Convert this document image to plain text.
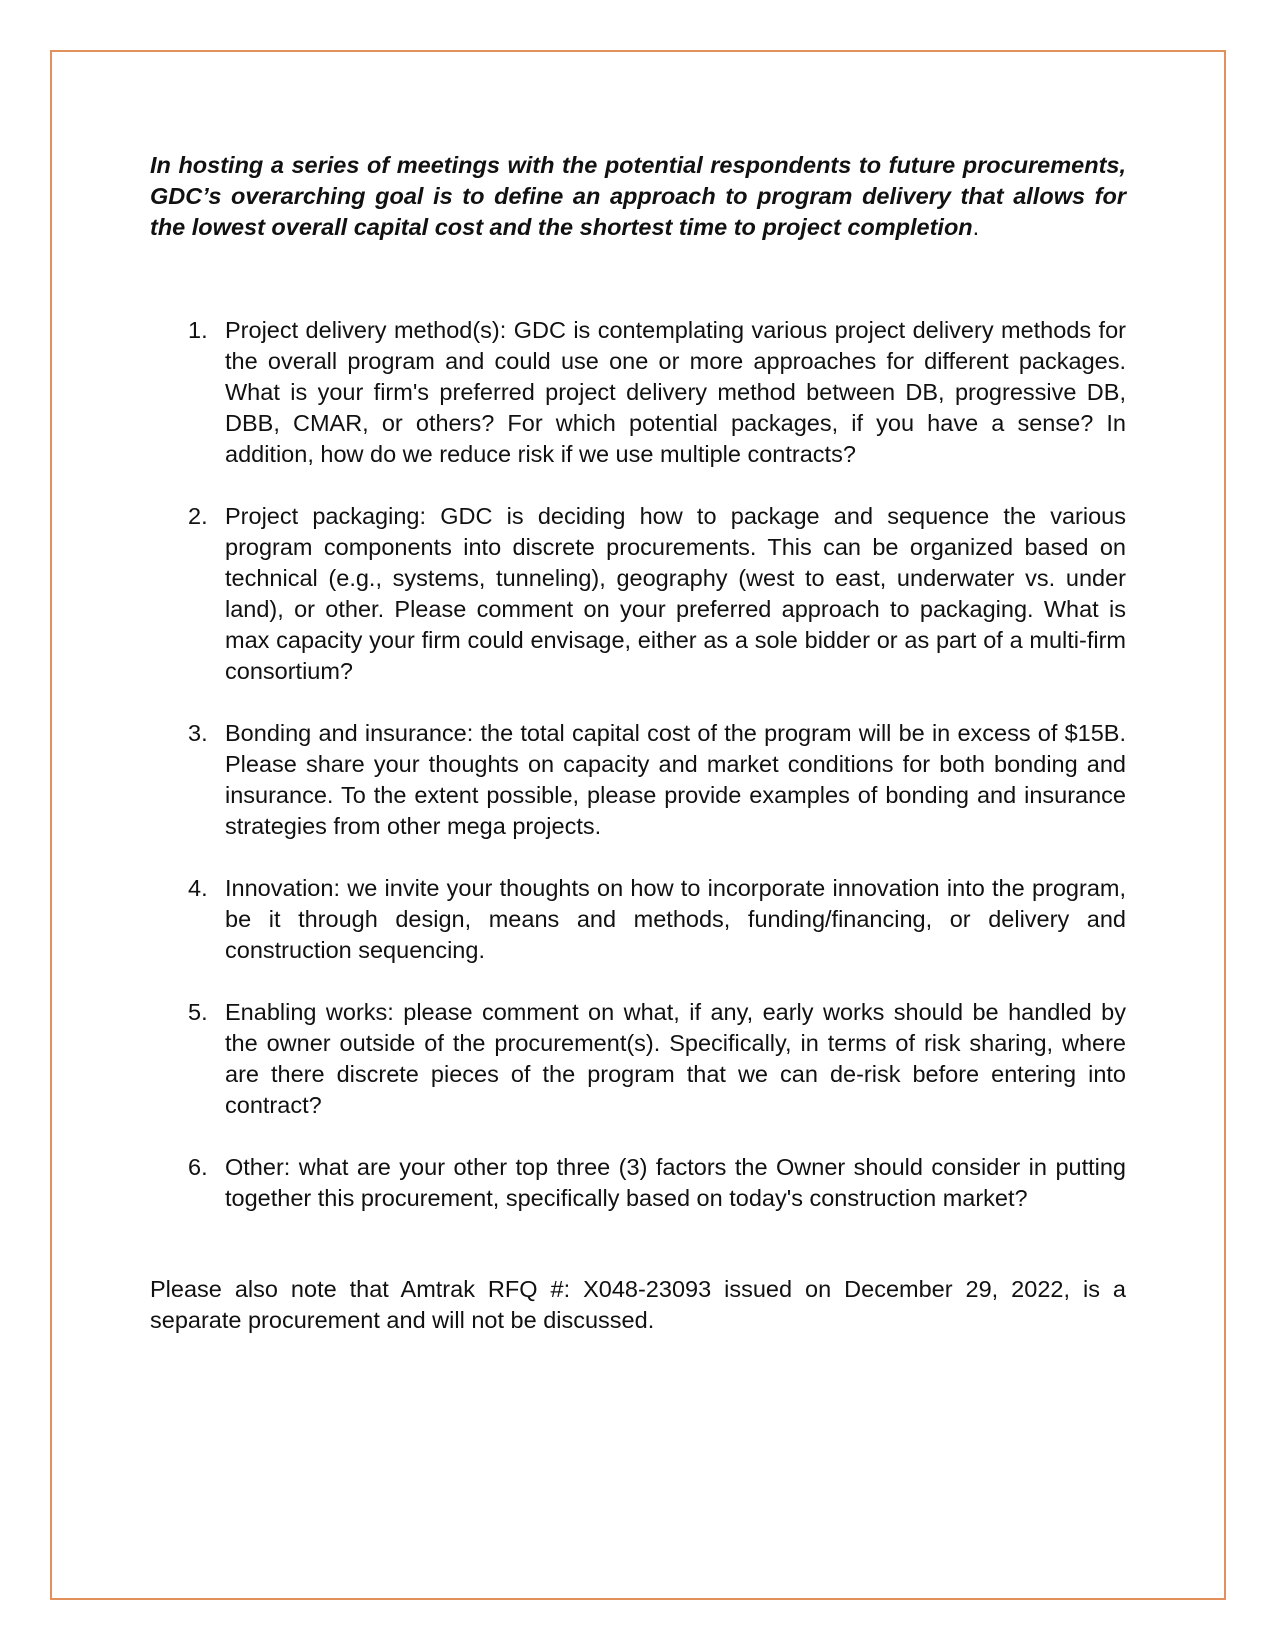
In hosting a series of meetings with the potential respondents to future procurements, GDC’s overarching goal is to define an approach to program delivery that allows for the lowest overall capital cost and the shortest time to project completion.

1. Project delivery method(s): GDC is contemplating various project delivery methods for the overall program and could use one or more approaches for different packages. What is your firm's preferred project delivery method between DB, progressive DB, DBB, CMAR, or others? For which potential packages, if you have a sense? In addition, how do we reduce risk if we use multiple contracts?
2. Project packaging: GDC is deciding how to package and sequence the various program components into discrete procurements. This can be organized based on technical (e.g., systems, tunneling), geography (west to east, underwater vs. under land), or other. Please comment on your preferred approach to packaging. What is max capacity your firm could envisage, either as a sole bidder or as part of a multi-firm consortium?
3. Bonding and insurance: the total capital cost of the program will be in excess of $15B. Please share your thoughts on capacity and market conditions for both bonding and insurance. To the extent possible, please provide examples of bonding and insurance strategies from other mega projects.
4. Innovation: we invite your thoughts on how to incorporate innovation into the program, be it through design, means and methods, funding/financing, or delivery and construction sequencing.
5. Enabling works: please comment on what, if any, early works should be handled by the owner outside of the procurement(s). Specifically, in terms of risk sharing, where are there discrete pieces of the program that we can de-risk before entering into contract?
6. Other: what are your other top three (3) factors the Owner should consider in putting together this procurement, specifically based on today's construction market?

Please also note that Amtrak RFQ #: X048-23093 issued on December 29, 2022, is a separate procurement and will not be discussed.
